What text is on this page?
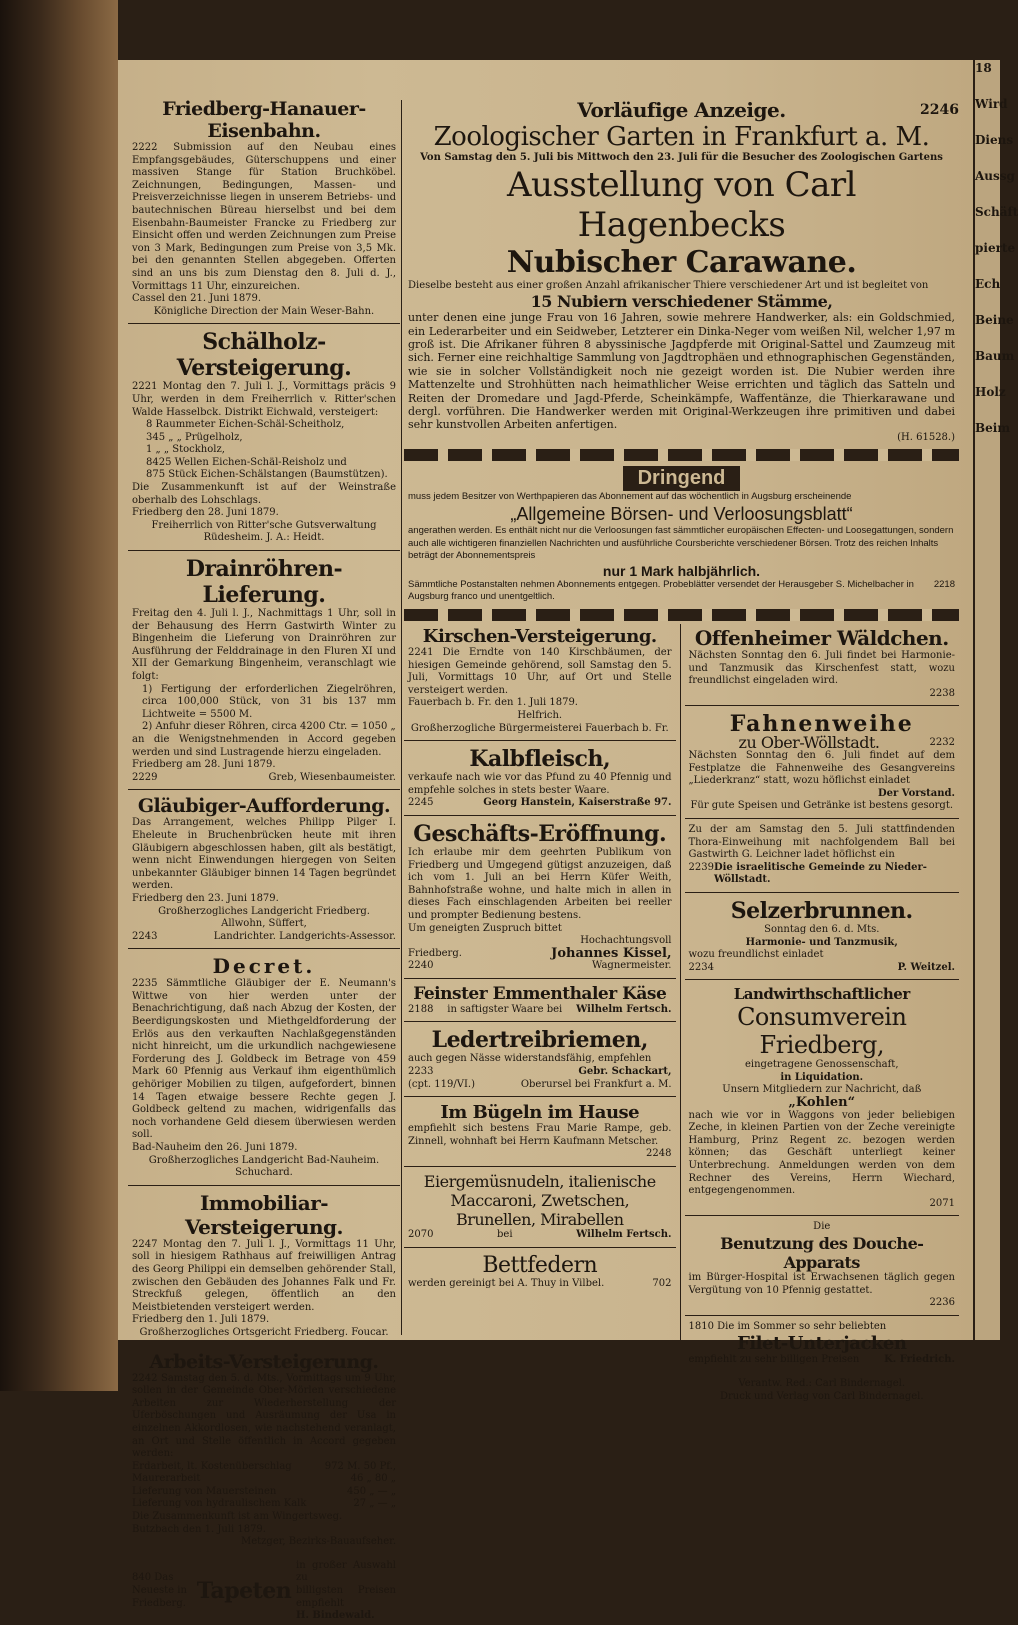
18
Wird
Diens
Aussg
Schäft
pierte
Ech
Beine
Baum
Holz
Beim
2246
Friedberg-Hanauer-Eisenbahn.

2222 Submission auf den Neubau eines Empfangsgebäudes, Güterschuppens und einer massiven Stange für Station Bruchköbel. Zeichnungen, Bedingungen, Massen- und Preisverzeichnisse liegen in unserem Betriebs- und bautechnischen Büreau hierselbst und bei dem Eisenbahn-Baumeister Francke zu Friedberg zur Einsicht offen und werden Zeichnungen zum Preise von 3 Mark, Bedingungen zum Preise von 3,5 Mk. bei den genannten Stellen abgegeben. Offerten sind an uns bis zum Dienstag den 8. Juli d. J., Vormittags 11 Uhr, einzureichen.

Cassel den 21. Juni 1879.

Königliche Direction der Main Weser-Bahn.

Schälholz-Versteigerung.

2221 Montag den 7. Juli l. J., Vormittags präcis 9 Uhr, werden in dem Freiherrlich v. Ritter'schen Walde Hasselbck. Distrikt Eichwald, versteigert:

8 Raummeter Eichen-Schäl-Scheitholz,

345 „ „ Prügelholz,

1 „ „ Stockholz,

8425 Wellen Eichen-Schäl-Reisholz und

875 Stück Eichen-Schälstangen (Baumstützen).

Die Zusammenkunft ist auf der Weinstraße oberhalb des Lohschlags.

Friedberg den 28. Juni 1879.

Freiherrlich von Ritter'sche Gutsverwaltung Rüdesheim. J. A.: Heidt.

Drainröhren-Lieferung.

Freitag den 4. Juli l. J., Nachmittags 1 Uhr, soll in der Behausung des Herrn Gastwirth Winter zu Bingenheim die Lieferung von Drainröhren zur Ausführung der Felddrainage in den Fluren XI und XII der Gemarkung Bingenheim, veranschlagt wie folgt:

1) Fertigung der erforderlichen Ziegelröhren, circa 100,000 Stück, von 31 bis 137 mm Lichtweite = 5500 M.

2) Anfuhr dieser Röhren, circa 4200 Ctr. = 1050 „

an die Wenigstnehmenden in Accord gegeben werden und sind Lustragende hierzu eingeladen.

Friedberg am 28. Juni 1879.

2229	Greb, Wiesenbaumeister.
Gläubiger-Aufforderung.

Das Arrangement, welches Philipp Pilger I. Eheleute in Bruchenbrücken heute mit ihren Gläubigern abgeschlossen haben, gilt als bestätigt, wenn nicht Einwendungen hiergegen von Seiten unbekannter Gläubiger binnen 14 Tagen begründet werden.

Friedberg den 23. Juni 1879.

Großherzogliches Landgericht Friedberg.

Allwohn, Süffert,

2243	Landrichter. Landgerichts-Assessor.
Decret.

2235 Sämmtliche Gläubiger der E. Neumann's Wittwe von hier werden unter der Benachrichtigung, daß nach Abzug der Kosten, der Beerdigungskosten und Miethgeldforderung der Erlös aus den verkauften Nachlaßgegenständen nicht hinreicht, um die urkundlich nachgewiesene Forderung des J. Goldbeck im Betrage von 459 Mark 60 Pfennig aus Verkauf ihm eigenthümlich gehöriger Mobilien zu tilgen, aufgefordert, binnen 14 Tagen etwaige bessere Rechte gegen J. Goldbeck geltend zu machen, widrigenfalls das noch vorhandene Geld diesem überwiesen werden soll.

Bad-Nauheim den 26. Juni 1879.

Großherzogliches Landgericht Bad-Nauheim. Schuchard.

Immobiliar-Versteigerung.

2247 Montag den 7. Juli l. J., Vormittags 11 Uhr, soll in hiesigem Rathhaus auf freiwilligen Antrag des Georg Philippi ein demselben gehörender Stall, zwischen den Gebäuden des Johannes Falk und Fr. Streckfuß gelegen, öffentlich an den Meistbietenden versteigert werden.

Friedberg den 1. Juli 1879.

Großherzogliches Ortsgericht Friedberg. Foucar.

Arbeits-Versteigerung.

2242 Samstag den 5. d. Mts., Vormittags um 9 Uhr, sollen in der Gemeinde Ober-Mörlen verschiedene Arbeiten zur Wiederherstellung der Uferböschungen und Ausräumung der Usa in einzelnen Akkordlosen, wie nachstehend veranlagt, an Ort und Stelle öffentlich in Accord gegeben werden:

Erdarbeit, lt. Kostenüberschlag	972 M. 50 Pf.,
Maurerarbeit	46 „ 80 „
Lieferung von Mauersteinen	450 „ — „
Lieferung von hydraulischem Kalk	27 „ — „

Die Zusammenkunft ist am Wingertsweg.

Butzbach den 1. Juli 1879.

Metzger, Bezirks-Bauaufseher.

840 Das
Neueste in
Friedberg. Tapeten
in großer Auswahl zu
billigsten Preisen empfiehlt
H. Bindewald.
Vorläufige Anzeige.
Zoologischer Garten in Frankfurt a. M.

Von Samstag den 5. Juli bis Mittwoch den 23. Juli für die Besucher des Zoologischen Gartens

Ausstellung von Carl Hagenbecks
Nubischer Carawane.

Dieselbe besteht aus einer großen Anzahl afrikanischer Thiere verschiedener Art und ist begleitet von

15 Nubiern verschiedener Stämme,

unter denen eine junge Frau von 16 Jahren, sowie mehrere Handwerker, als: ein Goldschmied, ein Lederarbeiter und ein Seidweber, Letzterer ein Dinka-Neger vom weißen Nil, welcher 1,97 m groß ist. Die Afrikaner führen 8 abyssinische Jagdpferde mit Original-Sattel und Zaumzeug mit sich. Ferner eine reichhaltige Sammlung von Jagdtrophäen und ethnographischen Gegenständen, wie sie in solcher Vollständigkeit noch nie gezeigt worden ist. Die Nubier werden ihre Mattenzelte und Strohhütten nach heimathlicher Weise errichten und täglich das Satteln und Reiten der Dromedare und Jagd-Pferde, Scheinkämpfe, Waffentänze, die Thierkarawane und dergl. vorführen. Die Handwerker werden mit Original-Werkzeugen ihre primitiven und dabei sehr kunstvollen Arbeiten anfertigen.

(H. 61528.)

Dringend

muss jedem Besitzer von Werthpapieren das Abonnement auf das wöchentlich in Augsburg erscheinende

„Allgemeine Börsen- und Verloosungsblatt“

angerathen werden. Es enthält nicht nur die Verloosungen fast sämmtlicher europäischen Effecten- und Loosegattungen, sondern auch alle wichtigeren finanziellen Nachrichten und ausführliche Coursberichte verschiedener Börsen. Trotz des reichen Inhalts beträgt der Abonnementspreis

nur 1 Mark halbjährlich.
Sämmtliche Postanstalten nehmen Abonnements entgegen. Probeblätter versendet der Herausgeber S. Michelbacher in Augsburg franco und unentgeltlich.
2218
Kirschen-Versteigerung.

2241 Die Erndte von 140 Kirschbäumen, der hiesigen Gemeinde gehörend, soll Samstag den 5. Juli, Vormittags 10 Uhr, auf Ort und Stelle versteigert werden.

Fauerbach b. Fr. den 1. Juli 1879.

Helfrich.

Großherzogliche Bürgermeisterei Fauerbach b. Fr.

Kalbfleisch,

verkaufe nach wie vor das Pfund zu 40 Pfennig und empfehle solches in stets bester Waare.

2245	Georg Hanstein, Kaiserstraße 97.
Geschäfts-Eröffnung.

Ich erlaube mir dem geehrten Publikum von Friedberg und Umgegend gütigst anzuzeigen, daß ich vom 1. Juli an bei Herrn Küfer Weith, Bahnhofstraße wohne, und halte mich in allen in dieses Fach einschlagenden Arbeiten bei reeller und prompter Bedienung bestens.

Um geneigten Zuspruch bittet

Hochachtungsvoll

Friedberg.	Johannes Kissel,
2240	Wagnermeister.
Feinster Emmenthaler Käse
2188 in saftigster Waare bei Wilhelm Fertsch.
Ledertreibriemen,

auch gegen Nässe widerstandsfähig, empfehlen

2233	Gebr. Schackart,
(cpt. 119/VI.)	Oberursel bei Frankfurt a. M.
Im Bügeln im Hause

empfiehlt sich bestens Frau Marie Rampe, geb. Zinnell, wohnhaft bei Herrn Kaufmann Metscher.

2248

Eiergemüsnudeln, italienische
Maccaroni, Zwetschen,
Brunellen, Mirabellen
2070	bei	Wilhelm Fertsch.
Bettfedern
werden gereinigt bei A. Thuy in Vilbel.	702
Offenheimer Wäldchen.

Nächsten Sonntag den 6. Juli findet bei Harmonie- und Tanzmusik das Kirschenfest statt, wozu freundlichst eingeladen wird.

2238

Fahnenweihe
zu Ober-Wöllstadt.	2232

Nächsten Sonntag den 6. Juli findet auf dem Festplatze die Fahnenweihe des Gesangvereins „Liederkranz“ statt, wozu höflichst einladet

Der Vorstand.

Für gute Speisen und Getränke ist bestens gesorgt.

Zu der am Samstag den 5. Juli stattfindenden Thora-Einweihung mit nachfolgendem Ball bei Gastwirth G. Leichner ladet höflichst ein

2239 Die israelitische Gemeinde zu Nieder-Wöllstadt.
Selzerbrunnen.

Sonntag den 6. d. Mts.

Harmonie- und Tanzmusik,

wozu freundlichst einladet

2234	P. Weitzel.
Landwirthschaftlicher
Consumverein Friedberg,

eingetragene Genossenschaft,

in Liquidation.

Unsern Mitgliedern zur Nachricht, daß

„Kohlen“

nach wie vor in Waggons von jeder beliebigen Zeche, in kleinen Partien von der Zeche vereinigte Hamburg, Prinz Regent zc. bezogen werden können; das Geschäft unterliegt keiner Unterbrechung. Anmeldungen werden von dem Rechner des Vereins, Herrn Wiechard, entgegengenommen.

2071

Die

Benutzung des Douche-Apparats

im Bürger-Hospital ist Erwachsenen täglich gegen Vergütung von 10 Pfennig gestattet.

2236

1810 Die im Sommer so sehr beliebten

Filet-Unterjacken
empfiehlt zu sehr billigen Preisen K. Friedrich.

Verantw. Red.: Carl Bindernagel.

Druck und Verlag von Carl Bindernagel.
